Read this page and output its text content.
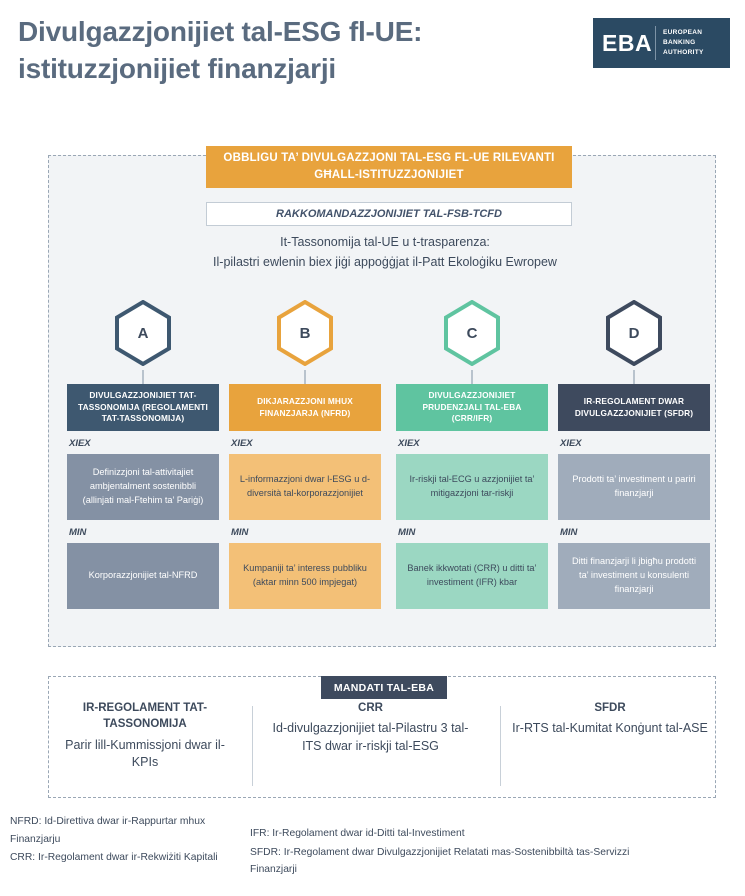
Divulgazzjonijiet tal-ESG fl-UE: istituzzjonijiet finanzjarji
EBA	EUROPEAN
BANKING
AUTHORITY
OBBLIGU TA’ DIVULGAZZJONI TAL-ESG FL-UE RILEVANTI GĦALL-ISTITUZZJONIJIET
RAKKOMANDAZZJONIJIET TAL-FSB-TCFD
It-Tassonomija tal-UE u t-trasparenza:
Il-pilastri ewlenin biex jiġi appoġġjat il-Patt Ekoloġiku Ewropew
A
DIVULGAZZJONIJIET TAT-TASSONOMIJA (REGOLAMENTI TAT-TASSONOMIJA)
XIEX
Definizzjoni tal-attivitajiet ambjentalment sostenibbli (allinjati mal-Ftehim ta’ Pariġi)
MIN
Korporazzjonijiet tal-NFRD
B
DIKJARAZZJONI MHUX FINANZJARJA (NFRD)
XIEX
L-informazzjoni dwar l-ESG u d-diversità tal-korporazzjonijiet
MIN
Kumpaniji ta’ interess pubbliku (aktar minn 500 impjegat)
C
DIVULGAZZJONIJIET PRUDENZJALI TAL-EBA (CRR/IFR)
XIEX
Ir-riskji tal-ECG u azzjonijiet ta’ mitigazzjoni tar-riskji
MIN
Banek ikkwotati (CRR) u ditti ta’ investiment (IFR) kbar
D
IR-REGOLAMENT DWAR DIVULGAZZJONIJIET (SFDR)
XIEX
Prodotti ta’ investiment u pariri finanzjarji
MIN
Ditti finanzjarji li jbigħu prodotti ta’ investiment u konsulenti finanzjarji
MANDATI TAL-EBA
IR-REGOLAMENT TAT-TASSONOMIJA
Parir lill-Kummissjoni dwar il-KPIs
CRR
Id-divulgazzjonijiet tal-Pilastru 3 tal-ITS dwar ir-riskji tal-ESG
SFDR
Ir-RTS tal-Kumitat Konġunt tal-ASE
NFRD: Id-Direttiva dwar ir-Rappurtar mhux Finanzjarju
CRR: Ir-Regolament dwar ir-Rekwiżiti Kapitali
IFR: Ir-Regolament dwar id-Ditti tal-Investiment
SFDR: Ir-Regolament dwar Divulgazzjonijiet Relatati mas-Sostenibbiltà tas-Servizzi Finanzjarji
